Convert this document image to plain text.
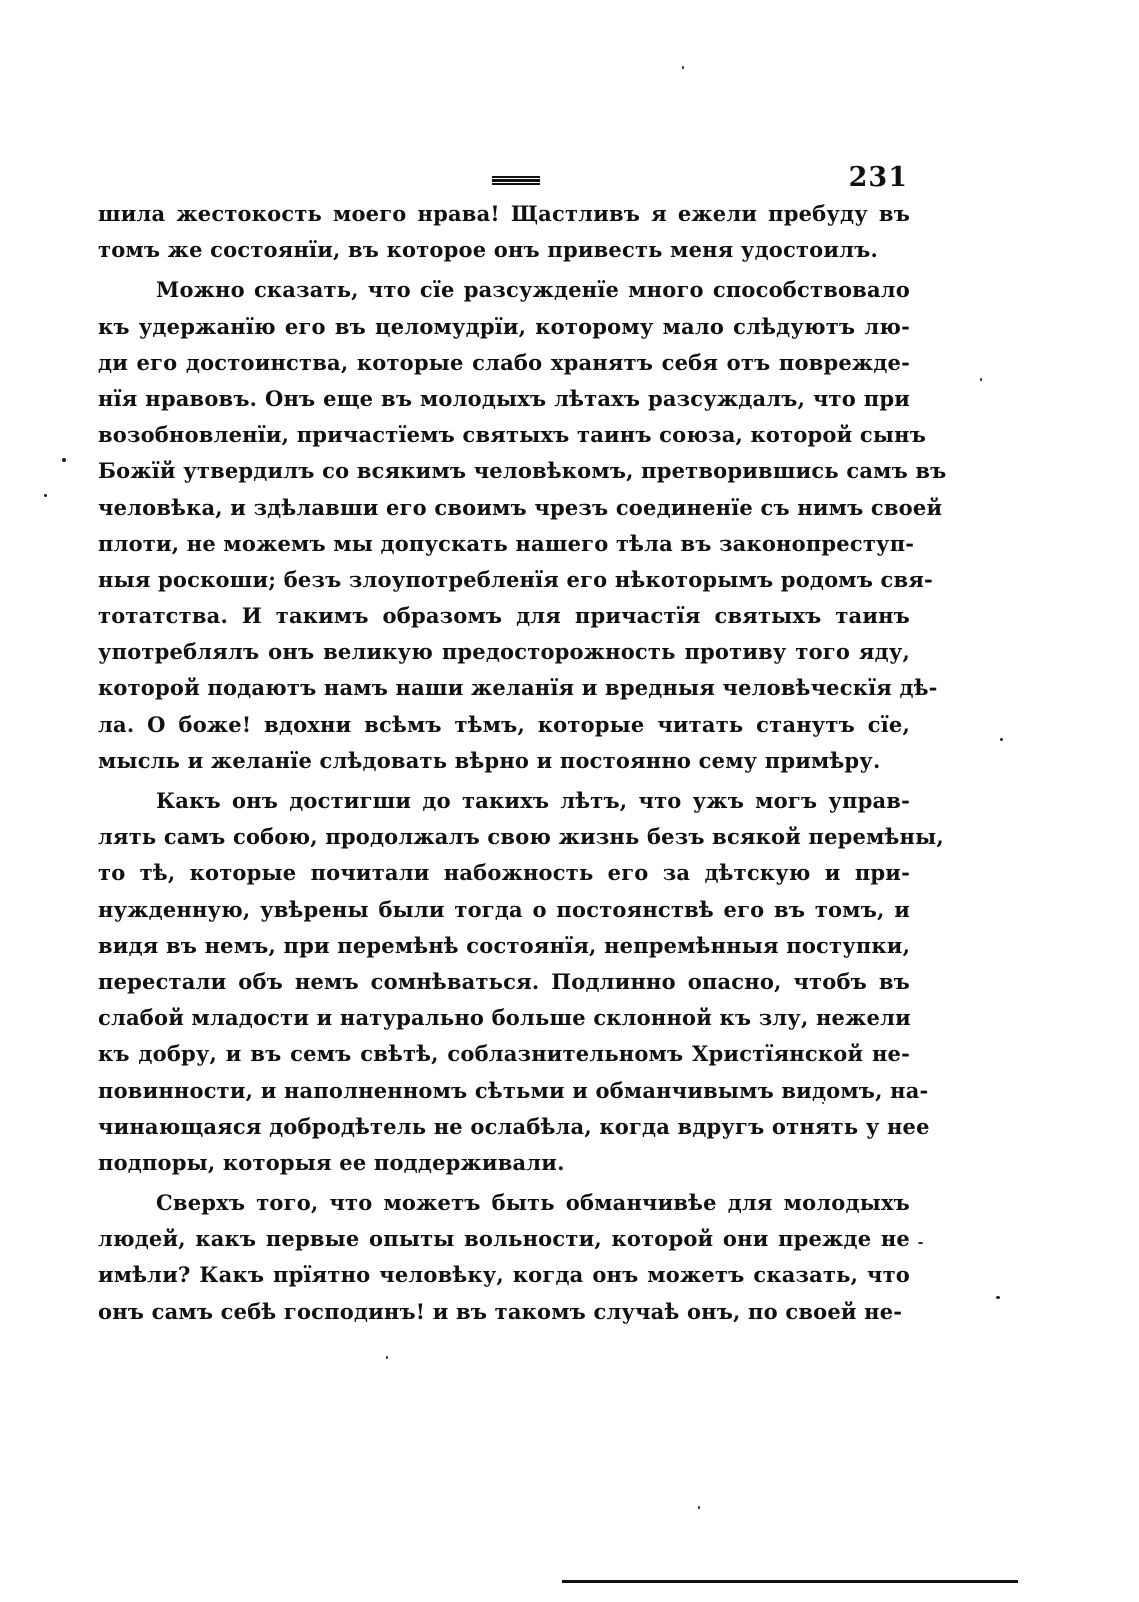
231
шила жестокость моего нрава! Щастливъ я ежели пребуду въ
томъ же состоянїи, въ которое онъ привесть меня удостоилъ.
Можно сказать, что сїе разсужденїе много способствовало
къ удержанїю его въ целомудрїи, которому мало слѣдуютъ лю-
ди его достоинства, которые слабо хранятъ себя отъ поврежде-
нїя нравовъ. Онъ еще въ молодыхъ лѣтахъ разсуждалъ, что при
возобновленїи, причастїемъ святыхъ таинъ союза, которой сынъ
Божїй утвердилъ со всякимъ человѣкомъ, претворившись самъ въ
человѣка, и здѣлавши его своимъ чрезъ соединенїе съ нимъ своей
плоти, не можемъ мы допускать нашего тѣла въ законопреступ-
ныя роскоши; безъ злоупотребленїя его нѣкоторымъ родомъ свя-
тотатства. И такимъ образомъ для причастїя святыхъ таинъ
употреблялъ онъ великую предосторожность противу того яду,
которой подаютъ намъ наши желанїя и вредныя человѣческїя дѣ-
ла. О боже! вдохни всѣмъ тѣмъ, которые читать станутъ сїе,
мысль и желанїе слѣдовать вѣрно и постоянно сему примѣру.
Какъ онъ достигши до такихъ лѣтъ, что ужъ могъ управ-
лять самъ собою, продолжалъ свою жизнь безъ всякой перемѣны,
то тѣ, которые почитали набожность его за дѣтскую и при-
нужденную, увѣрены были тогда о постоянствѣ его въ томъ, и
видя въ немъ, при перемѣнѣ состоянїя, непремѣнныя поступки,
перестали объ немъ сомнѣваться. Подлинно опасно, чтобъ въ
слабой младости и натурально больше склонной къ злу, нежели
къ добру, и въ семъ свѣтѣ, соблазнительномъ Христїянской не-
повинности, и наполненномъ сѣтьми и обманчивымъ видомъ, на-
чинающаяся добродѣтель не ослабѣла, когда вдругъ отнять у нее
подпоры, которыя ее поддерживали.
Сверхъ того, что можетъ быть обманчивѣе для молодыхъ
людей, какъ первые опыты вольности, которой они прежде не
имѣли? Какъ прїятно человѣку, когда онъ можетъ сказать, что
онъ самъ себѣ господинъ! и въ такомъ случаѣ онъ, по своей не-
